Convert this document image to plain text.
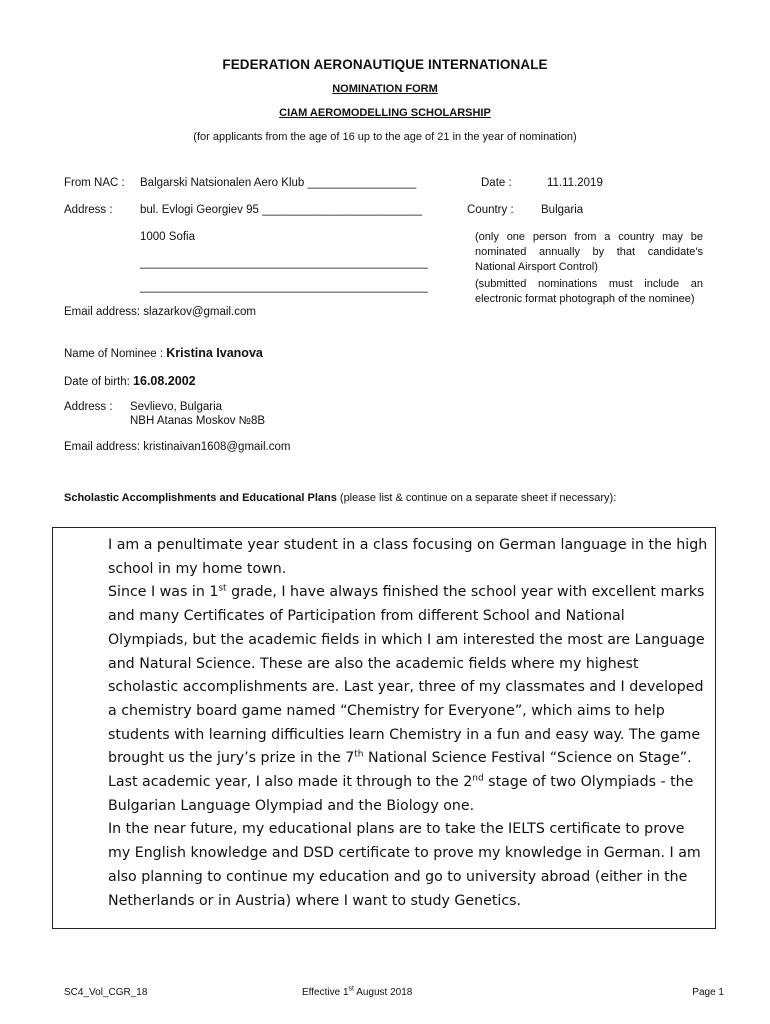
FEDERATION AERONAUTIQUE INTERNATIONALE
NOMINATION FORM
CIAM AEROMODELLING SCHOLARSHIP
(for applicants from the age of 16 up to the age of 21 in the year of nomination)
From NAC : Balgarski Natsionalen Aero Klub _________________	Date :	11.11.2019
Address : bul. Evlogi Georgiev 95 _________________________	Country : Bulgaria
1000 Sofia
_____________________________________________
_____________________________________________
(only one person from a country may be nominated annually by that candidate's National Airsport Control)
(submitted nominations must include an electronic format photograph of the nominee)
Email address: slazarkov@gmail.com
Name of Nominee : Kristina Ivanova
Date of birth: 16.08.2002
Address : Sevlievo, Bulgaria
NBH Atanas Moskov №8B
Email address: kristinaivan1608@gmail.com
Scholastic Accomplishments and Educational Plans (please list & continue on a separate sheet if necessary):

I am a penultimate year student in a class focusing on German language in the high school in my home town.

Since I was in 1st grade, I have always finished the school year with excellent marks and many Certificates of Participation from different School and National Olympiads, but the academic fields in which I am interested the most are Language and Natural Science. These are also the academic fields where my highest scholastic accomplishments are. Last year, three of my classmates and I developed a chemistry board game named “Chemistry for Everyone”, which aims to help students with learning difficulties learn Chemistry in a fun and easy way. The game brought us the jury’s prize in the 7th National Science Festival “Science on Stage”. Last academic year, I also made it through to the 2nd stage of two Olympiads - the Bulgarian Language Olympiad and the Biology one.

In the near future, my educational plans are to take the IELTS certificate to prove my English knowledge and DSD certificate to prove my knowledge in German. I am also planning to continue my education and go to university abroad (either in the Netherlands or in Austria) where I want to study Genetics.

SC4_Vol_CGR_18	Effective 1st August 2018	Page 1
